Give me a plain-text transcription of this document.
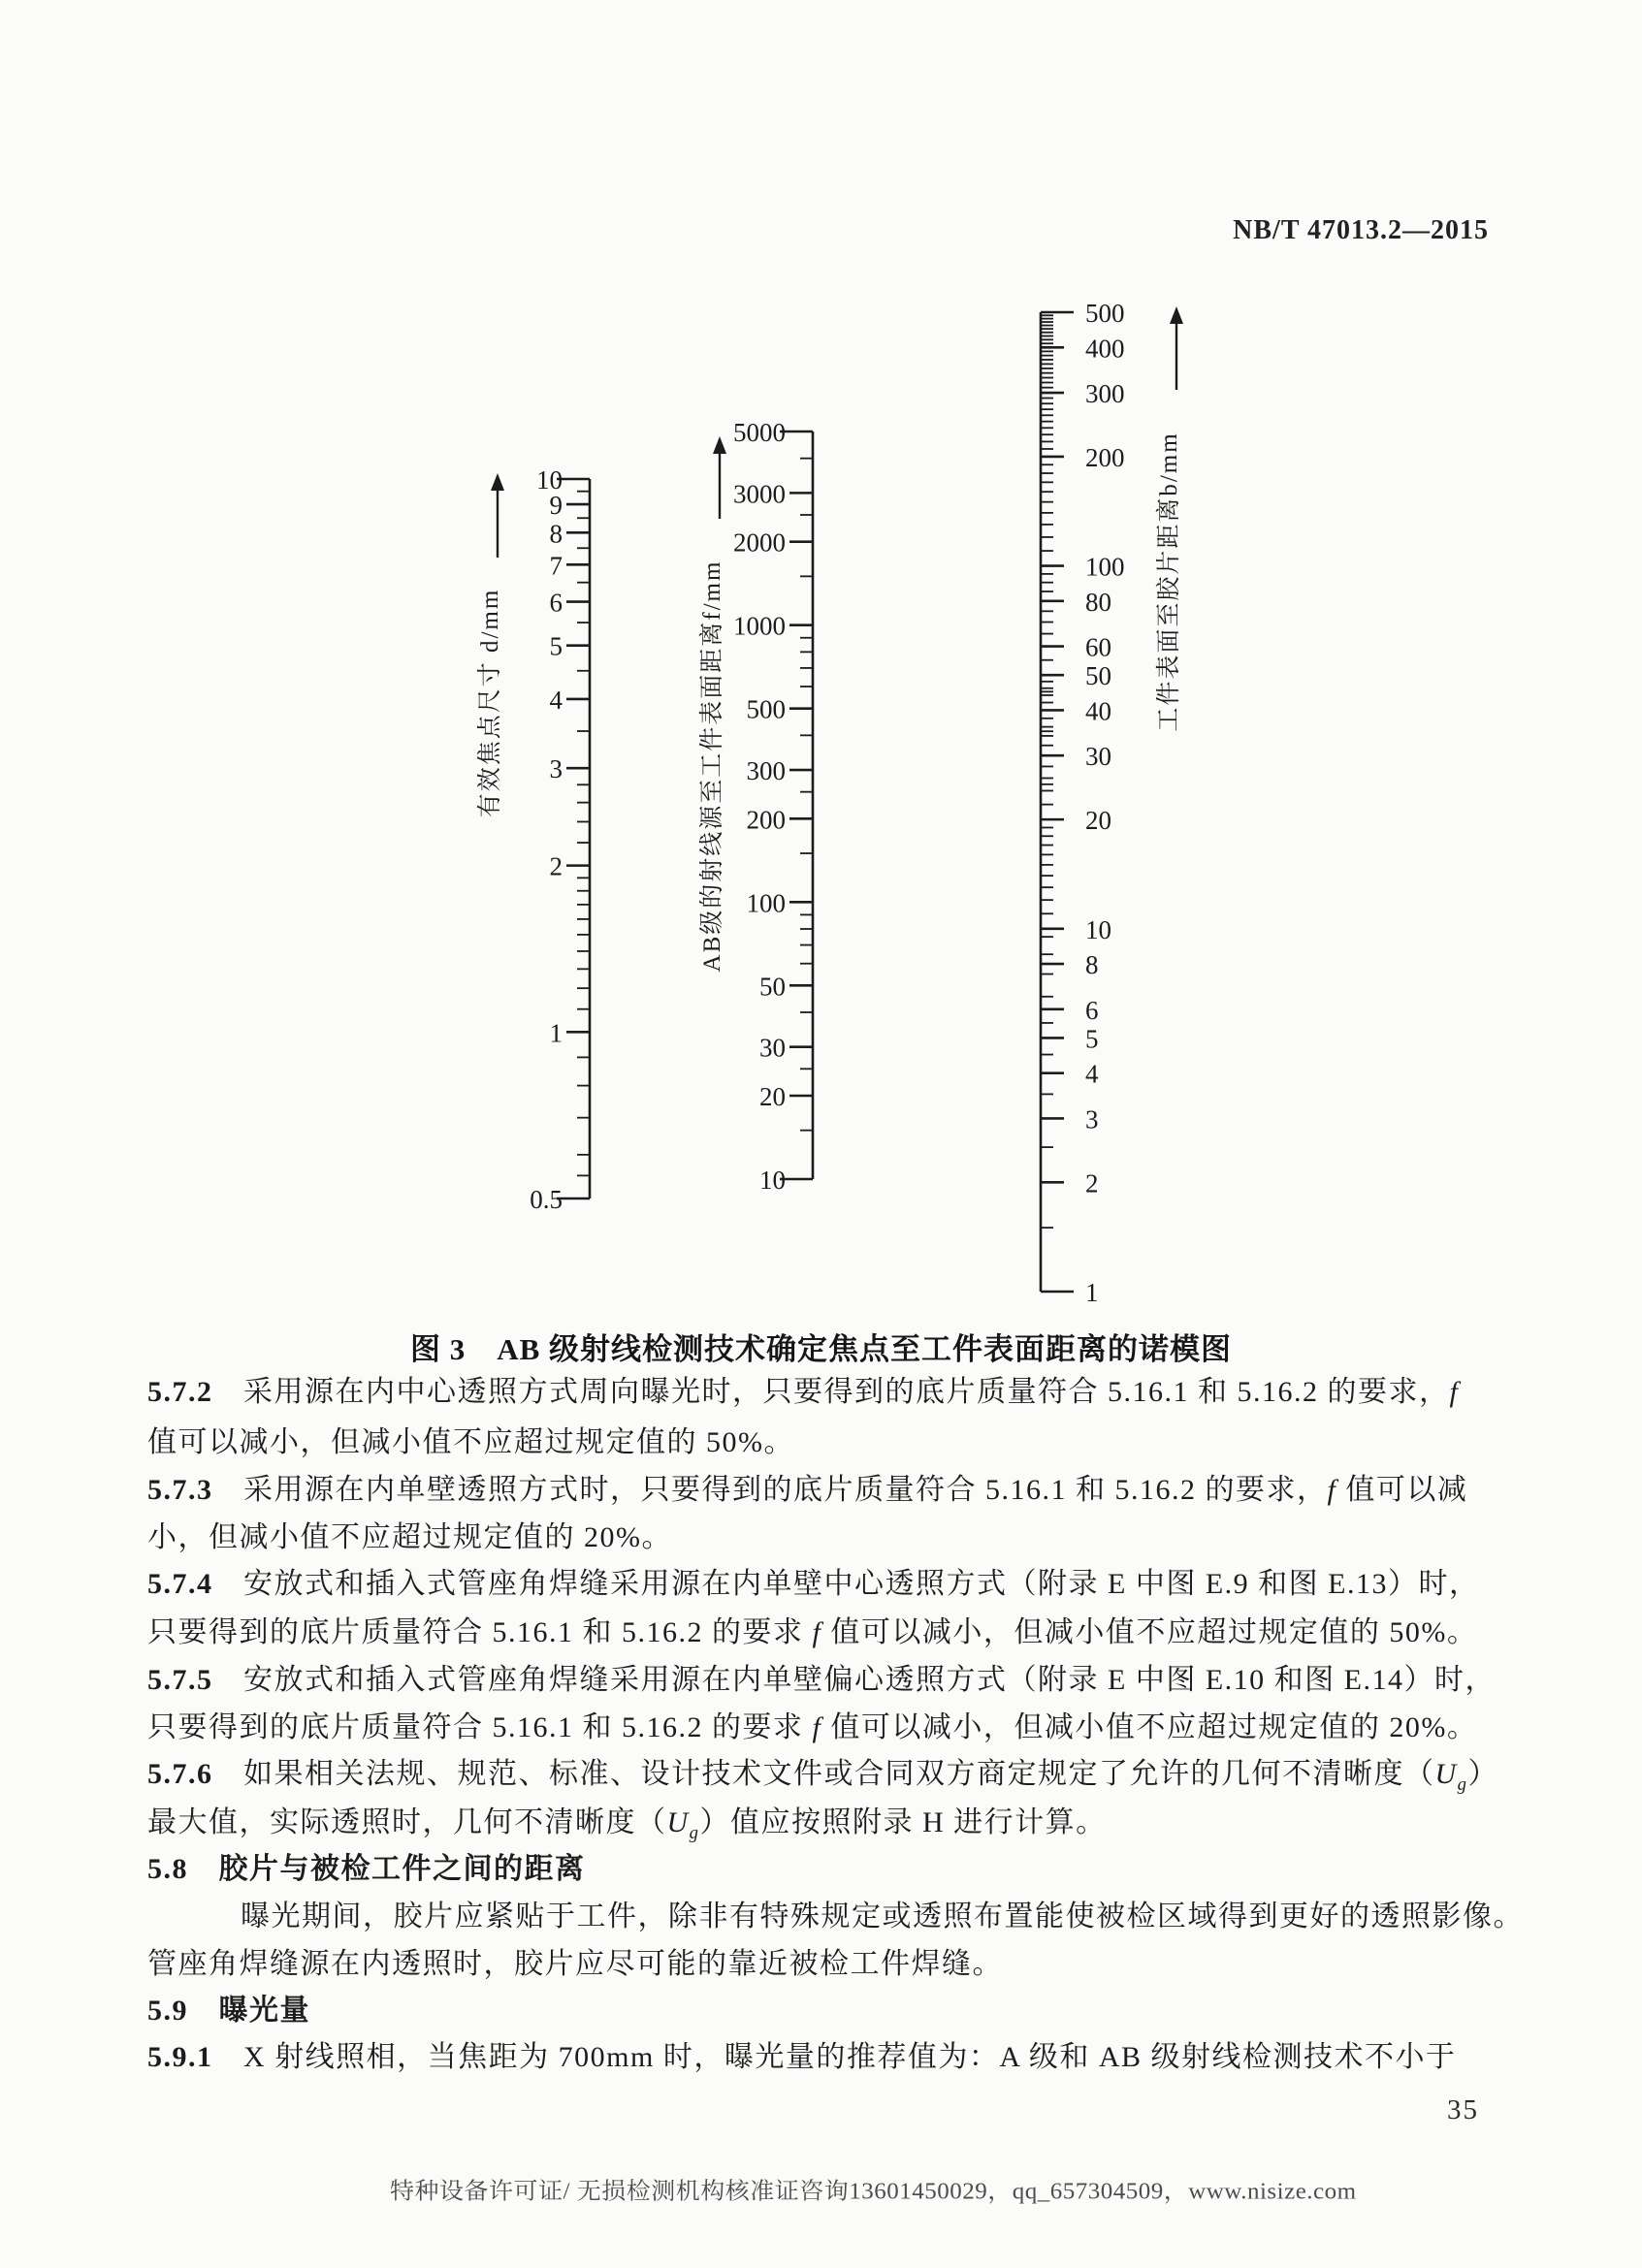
NB/T 47013.2—2015
10
9
8
7
6
5
4
3
2
1
0.5
有效焦点尺寸 d/mm
5000
3000
2000
1000
500
300
200
100
50
30
20
10
AB级的射线源至工件表面距离f/mm
500
400
300
200
100
80
60
50
40
30
20
10
8
6
5
4
3
2
1
工件表面至胶片距离b/mm
图 3　AB 级射线检测技术确定焦点至工件表面距离的诺模图
5.7.2　采用源在内中心透照方式周向曝光时，只要得到的底片质量符合 5.16.1 和 5.16.2 的要求，f
值可以减小，但减小值不应超过规定值的 50%。
5.7.3　采用源在内单壁透照方式时，只要得到的底片质量符合 5.16.1 和 5.16.2 的要求，f 值可以减
小，但减小值不应超过规定值的 20%。
5.7.4　安放式和插入式管座角焊缝采用源在内单壁中心透照方式（附录 E 中图 E.9 和图 E.13）时，
只要得到的底片质量符合 5.16.1 和 5.16.2 的要求 f 值可以减小，但减小值不应超过规定值的 50%。
5.7.5　安放式和插入式管座角焊缝采用源在内单壁偏心透照方式（附录 E 中图 E.10 和图 E.14）时，
只要得到的底片质量符合 5.16.1 和 5.16.2 的要求 f 值可以减小，但减小值不应超过规定值的 20%。
5.7.6　如果相关法规、规范、标准、设计技术文件或合同双方商定规定了允许的几何不清晰度$(U_g)$
最大值，实际透照时，几何不清晰度$(U_g)$值应按照附录 H 进行计算。
5.8　胶片与被检工件之间的距离
曝光期间，胶片应紧贴于工件，除非有特殊规定或透照布置能使被检区域得到更好的透照影像。
管座角焊缝源在内透照时，胶片应尽可能的靠近被检工件焊缝。
5.9　曝光量
5.9.1　X 射线照相，当焦距为 700mm 时，曝光量的推荐值为：A 级和 AB 级射线检测技术不小于
35
特种设备许可证/ 无损检测机构核准证咨询13601450029，qq_657304509，www.nisize.com
